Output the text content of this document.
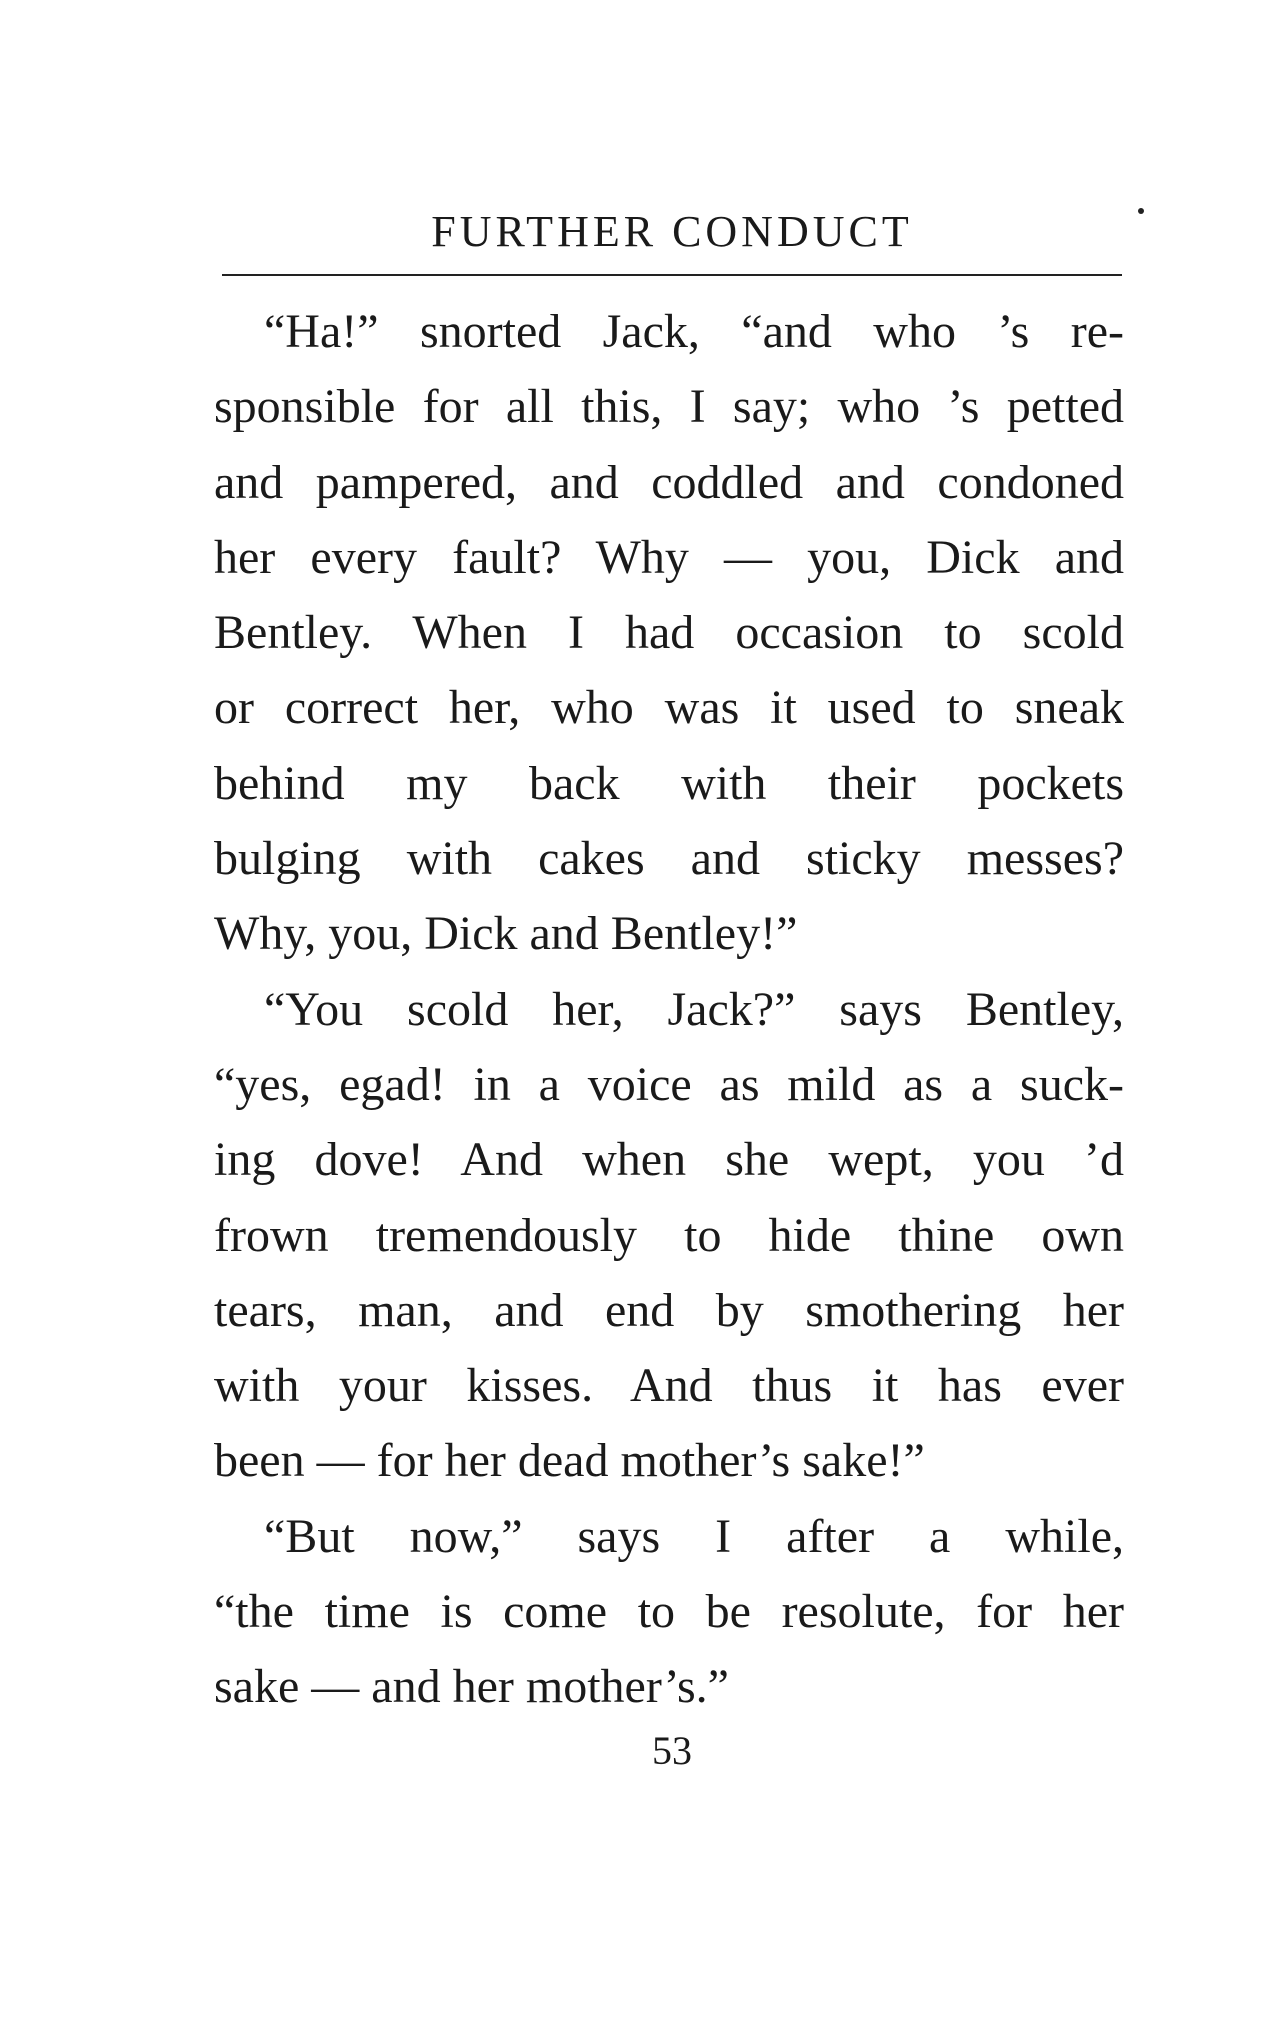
FURTHER CONDUCT
“Ha!” snorted Jack, “and who ’s re-
sponsible for all this, I say; who ’s petted
and pampered, and coddled and condoned
her every fault? Why — you, Dick and
Bentley. When I had occasion to scold
or correct her, who was it used to sneak
behind my back with their pockets
bulging with cakes and sticky messes?
Why, you, Dick and Bentley!”
“You scold her, Jack?” says Bentley,
“yes, egad! in a voice as mild as a suck-
ing dove! And when she wept, you ’d
frown tremendously to hide thine own
tears, man, and end by smothering her
with your kisses. And thus it has ever
been — for her dead mother’s sake!”
“But now,” says I after a while,
“the time is come to be resolute, for her
sake — and her mother’s.”
53
